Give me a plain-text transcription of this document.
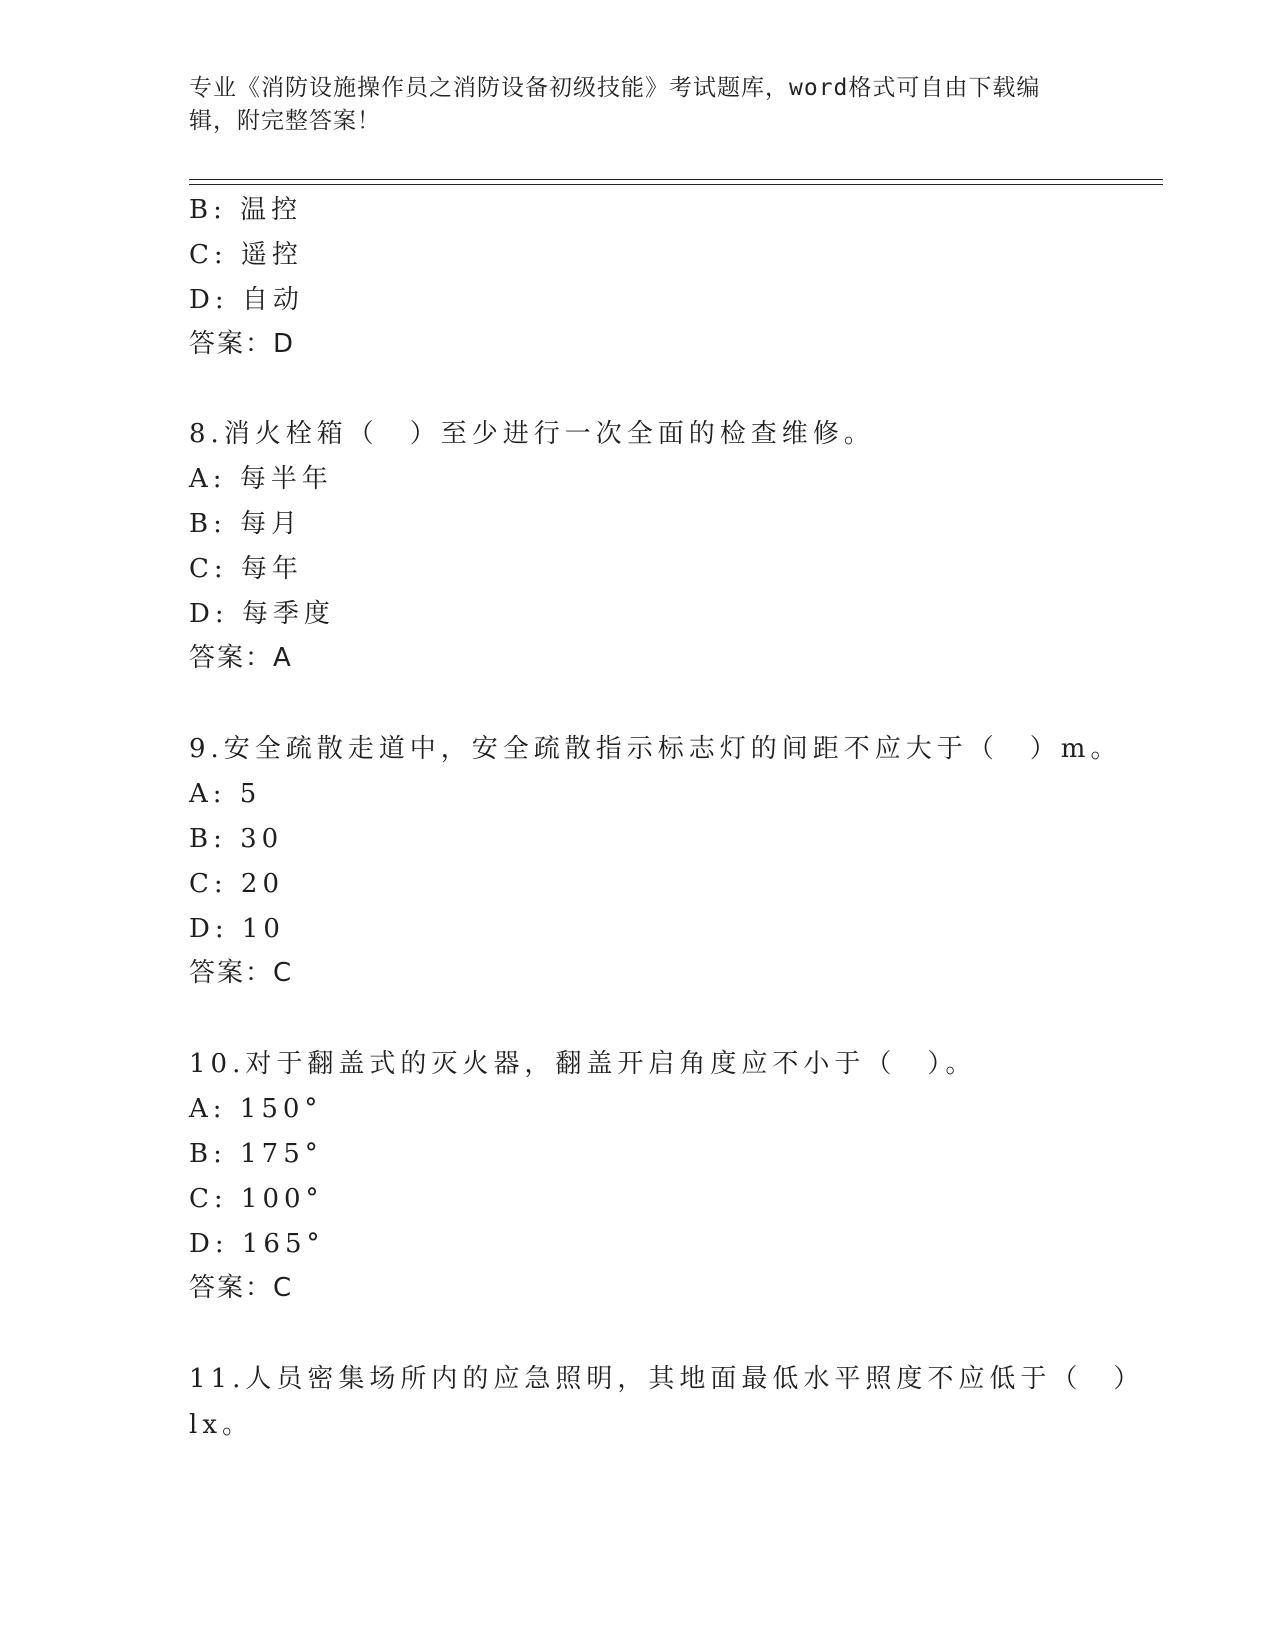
专业《消防设施操作员之消防设备初级技能》考试题库，word格式可自由下载编
辑，附完整答案！
B: 温控
C: 遥控
D: 自动
答案：D
8.消火栓箱（　）至少进行一次全面的检查维修。
A: 每半年
B: 每月
C: 每年
D: 每季度
答案：A
9.安全疏散走道中，安全疏散指示标志灯的间距不应大于（　）m。
A: 5
B: 30
C: 20
D: 10
答案：C
10.对于翻盖式的灭火器，翻盖开启角度应不小于（　）。
A: 150°
B: 175°
C: 100°
D: 165°
答案：C
11.人员密集场所内的应急照明，其地面最低水平照度不应低于（　）
lx。
